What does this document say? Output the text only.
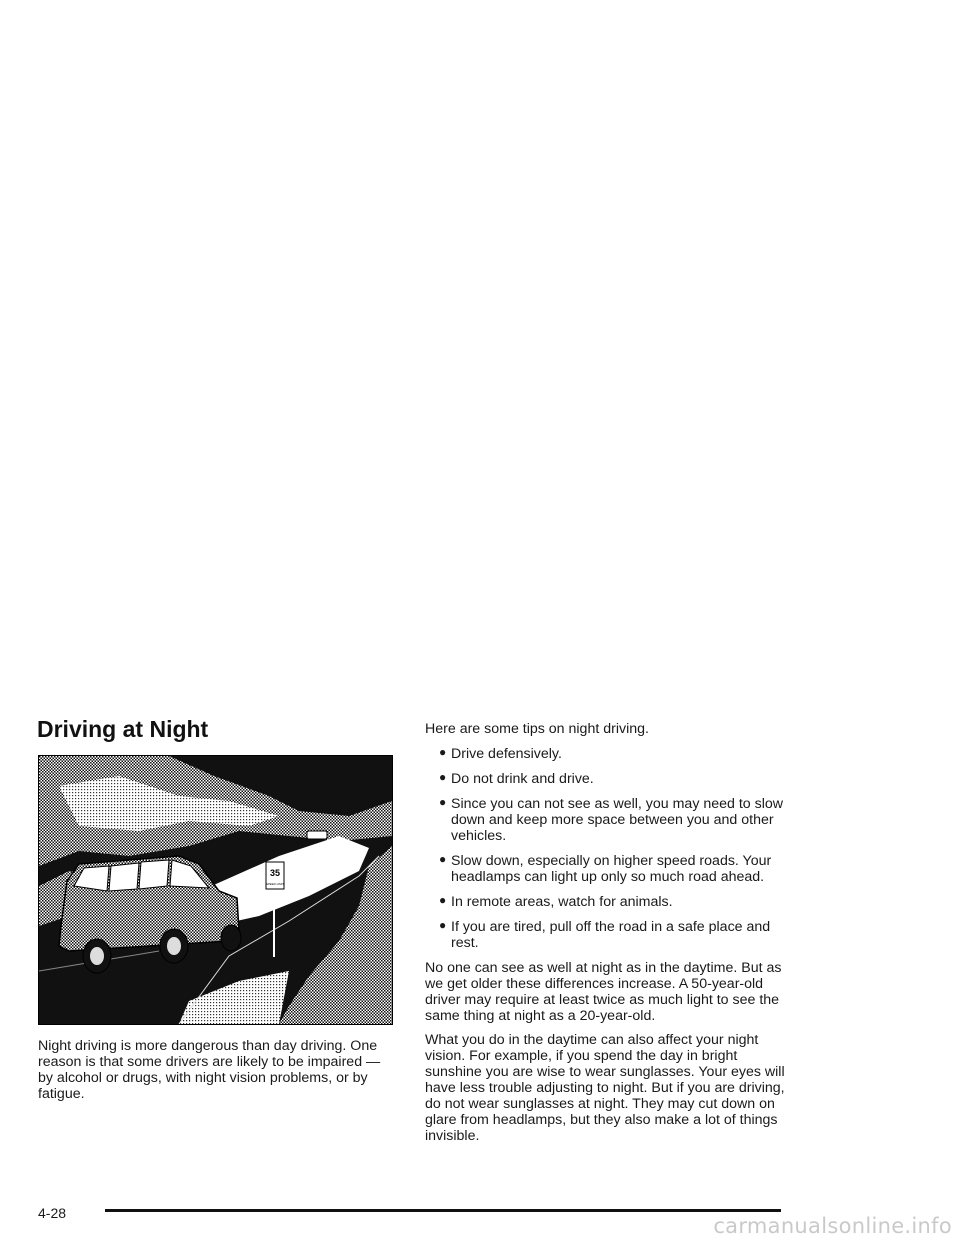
Driving at Night
35
SPEED LIMIT

Night driving is more dangerous than day driving. One reason is that some drivers are likely to be impaired — by alcohol or drugs, with night vision problems, or by fatigue.

Here are some tips on night driving.

● Drive defensively.
● Do not drink and drive.
● Since you can not see as well, you may need to slow down and keep more space between you and other vehicles.
● Slow down, especially on higher speed roads. Your headlamps can light up only so much road ahead.
● In remote areas, watch for animals.
● If you are tired, pull off the road in a safe place and rest.

No one can see as well at night as in the daytime. But as we get older these differences increase. A 50-year-old driver may require at least twice as much light to see the same thing at night as a 20-year-old.

What you do in the daytime can also affect your night vision. For example, if you spend the day in bright sunshine you are wise to wear sunglasses. Your eyes will have less trouble adjusting to night. But if you are driving, do not wear sunglasses at night. They may cut down on glare from headlamps, but they also make a lot of things invisible.

4-28
carmanualsonline.info
